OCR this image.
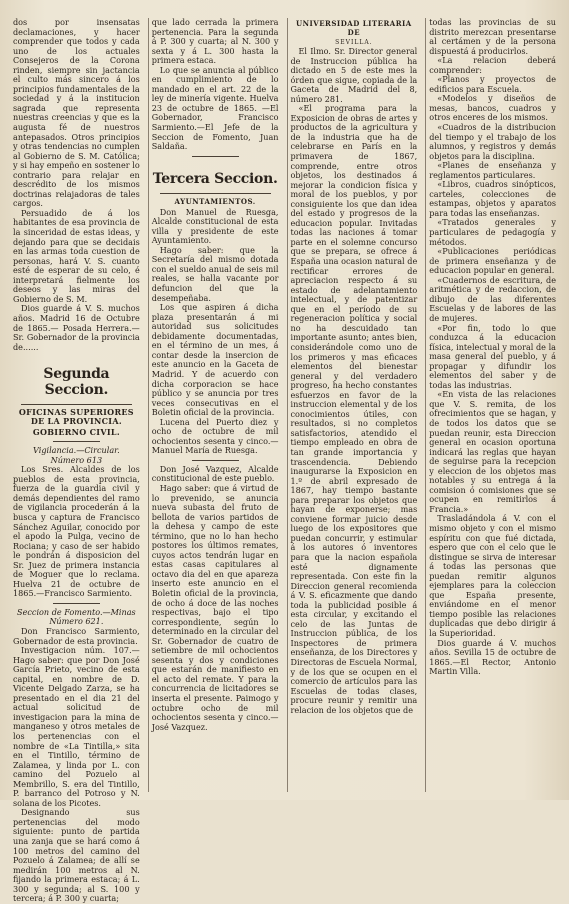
dos por insensatas declamaciones, y hacer comprender que todos y cada uno de los actuales Consejeros de la Corona rinden, siempre sin jactancia el culto más sincero á los principios fundamentales de la sociedad y á la institucion sagrada que representa nuestras creencias y que es la augusta fé de nuestros antepasados. Otros principios y otras tendencias no cumplen al Gobierno de S. M. Católica; y si hay empeño en sostener lo contrario para relajar en descrédito de los mismos doctrinas relajadoras de tales cargos.

Persuadido de á los habitantes de esa provincia de la sinceridad de estas ideas, y dejando para que se decidais en las armas toda cuestion de personas, hará V. S. cuanto esté de esperar de su celo, é interpretará fielmente los deseos y las miras del Gobierno de S. M.

Dios guarde á V. S. muchos años. Madrid 16 de Octubre de 1865.— Posada Herrera.—Sr. Gobernador de la provincia de......

Segunda Seccion.
OFICINAS SUPERIORES DE LA PROVINCIA.
GOBIERNO CIVIL.

Vigilancia.—Circular.

Número 613

Los Sres. Alcaldes de los pueblos de esta provincia, fuerza de la guardia civil y demás dependientes del ramo de vigilancia procederán á la busca y captura de Francisco Sánchez Aguilar, conocido por el apodo la Pulga, vecino de Rociana; y caso de ser habido le pondrán á disposicion del Sr. Juez de primera instancia de Moguer que lo reclama. Huelva 21 de octubre de 1865.—Francisco Sarmiento.

Seccion de Fomento.—Minas

Número 621.

Don Francisco Sarmiento, Gobernador de esta provincia.

Investigacion núm. 107.—Hago saber: que por Don José García Prieto, vecino de esta capital, en nombre de D. Vicente Delgado Zarza, se ha presentado en el dia 21 del actual solicitud de investigacion para la mina de manganeso y otros metales de los pertenencias con el nombre de «La Tintilla,» sita en el Tintillo, término de Zalamea, y linda por L. con camino del Pozuelo al Membrillo, S. era del Tintillo, P. barranco del Potroso y N. solana de los Picotes.

Designando sus pertenencias del modo siguiente: punto de partida una zanja que se hará como á 100 metros del camino del Pozuelo á Zalamea; de allí se medirán 100 metros al N. fijando la primera estaca; á L. 300 y segunda; al S. 100 y tercera; á P. 300 y cuarta;

que lado cerrada la primera pertenencia. Para la segunda á P. 300 y cuarta; al N. 300 y sexta y á L. 300 hasta la primera estaca.

Lo que se anuncia al público en cumplimiento de lo mandado en el art. 22 de la ley de minería vigente. Huelva 23 de octubre de 1865. —El Gobernador, Francisco Sarmiento.—El Jefe de la Seccion de Fomento, Juan Saldaña.

Tercera Seccion.
AYUNTAMIENTOS.

Don Manuel de Ruesga, Alcalde constitucional de esta villa y presidente de este Ayuntamiento.

Hago saber: que la Secretaría del mismo dotada con el sueldo anual de seis mil reales, se halla vacante por defuncion del que la desempeñaba.

Los que aspiren á dicha plaza presentarán á mi autoridad sus solicitudes debidamente documentadas, en el término de un mes, á contar desde la insercion de este anuncio en la Gaceta de Madrid. Y de acuerdo con dicha corporacion se hace público y se anuncia por tres veces consecutivas en el Boletin oficial de la provincia.

Lucena del Puerto diez y ocho de octubre de mil ochocientos sesenta y cinco.— Manuel María de Ruesga.

Don José Vazquez, Alcalde constitucional de este pueblo.

Hago saber: que á virtud de lo prevenido, se anuncia nueva subasta del fruto de bellota de varios partidos de la dehesa y campo de este término, que no lo han hecho postores los últimos remates, cuyos actos tendrán lugar en estas casas capitulares al octavo dia del en que apareza inserto este anuncio en el Boletin oficial de la provincia, de ocho á doce de las noches respectivas, bajo el tipo correspondiente, según lo determinado en la circular del Sr. Gobernador de cuatro de setiembre de mil ochocientos sesenta y dos y condiciones que estarán de manifiesto en el acto del remate. Y para la concurrencia de licitadores se inserta el presente. Paimogo y octubre ocho de mil ochocientos sesenta y cinco.—José Vazquez.

UNIVERSIDAD LITERARIA DE
SEVILLA.

El Ilmo. Sr. Director general de Instruccion pública ha dictado en 5 de este mes la órden que sigue, copiada de la Gaceta de Madrid del 8, número 281.

«El programa para la Exposicion de obras de artes y productos de la agricultura y de la industria que ha de celebrarse en París en la primavera de 1867, comprende, entre otros objetos, los destinados á mejorar la condicion física y moral de los pueblos, y por consiguiente los que dan idea del estado y progresos de la educacion popular. Invitadas todas las naciones á tomar parte en el solemne concurso que se prepara, se ofrece á España una ocasion natural de rectificar errores de apreciacion respecto á su estado de adelantamiento intelectual, y de patentizar que en el período de su regeneracion política y social no ha descuidado tan importante asunto; antes bien, considerándole como uno de los primeros y mas eficaces elementos del bienestar general y del verdadero progreso, ha hecho constantes esfuerzos en favor de la instruccion elemental y de los conocimientos útiles, con resultados, si no completos satisfactorios, atendido el tiempo empleado en obra de tan grande importancia y trascendencia. Debiendo inaugurarse la Exposicion en 1.º de abril expresado de 1867, hay tiempo bastante para preparar los objetos que hayan de exponerse; mas conviene formar juicio desde luego de los expositores que puedan concurrir, y estimular á los autores ó inventores para que la nacion española esté dignamente representada. Con este fin la Direccion general recomienda á V. S. eficazmente que dando toda la publicidad posible á esta circular, y excitando el celo de las Juntas de Instruccion pública, de los Inspectores de primera enseñanza, de los Directores y Directoras de Escuela Normal, y de los que se ocupen en el comercio de artículos para las Escuelas de todas clases, procure reunir y remitir una relacion de los objetos que de

todas las provincias de su distrito merezcan presentarse al certámen y de la persona dispuestá á producirlos.

«La relacion deberá comprender:

«Planos y proyectos de edificios para Escuela.

«Modelos y diseños de mesas, bancos, cuadros y otros enceres de los mismos.

«Cuadros de la distribucion del tiempo y el trabajo de los alumnos, y registros y demás objetos para la disciplina.

«Planes de enseñanza y reglamentos particulares.

«Libros, cuadros sinópticos, carteles, colecciones de estampas, objetos y aparatos para todas las enseñanzas.

«Tratados generales y particulares de pedagogía y métodos.

«Publicaciones periódicas de primera enseñanza y de educacion popular en general.

«Cuadernos de escritura, de aritmética y de redaccion, de dibujo de las diferentes Escuelas y de labores de las de mujeres.

«Por fin, todo lo que conduzca á la educacion física, intelectual y moral de la masa general del pueblo, y á propagar y difundir los elementos del saber y de todas las industrias.

«En vista de las relaciones que V. S. remita, de los ofrecimientos que se hagan, y de todos los datos que se puedan reunir, esta Direccion general en ocasion oportuna indicará las reglas que hayan de seguirse para la recepcion y eleccion de los objetos mas notables y su entrega á la comision ó comisiones que se ocupen en remitirlos á Francia.»

Trasladándola á V. con el mismo objeto y con el mismo espíritu con que fué dictada, espero que con el celo que le distingue se sirva de interesar á todas las personas que puedan remitir algunos ejemplares para la coleccion que España presente, enviándome en el menor tiempo posible las relaciones duplicadas que debo dirigir á la Superioridad.

Dios guarde á V. muchos años. Sevilla 15 de octubre de 1865.—El Rector, Antonio Martin Villa.
